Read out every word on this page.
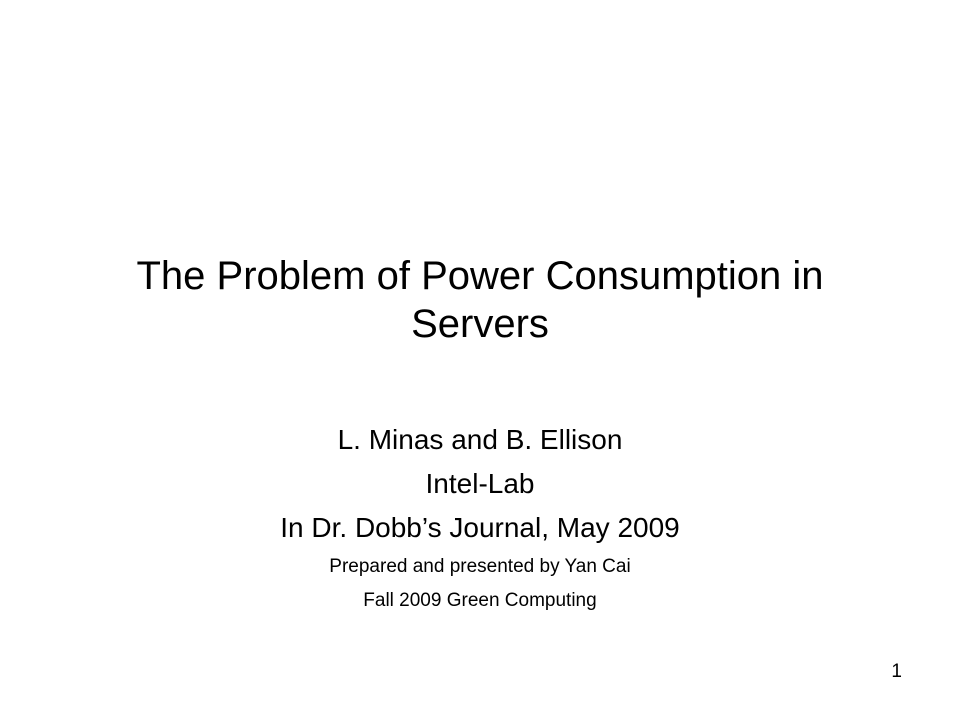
The Problem of Power Consumption in
Servers
L. Minas and B. Ellison
Intel-Lab
In Dr. Dobb’s Journal, May 2009
Prepared and presented by Yan Cai
Fall 2009 Green Computing
1
